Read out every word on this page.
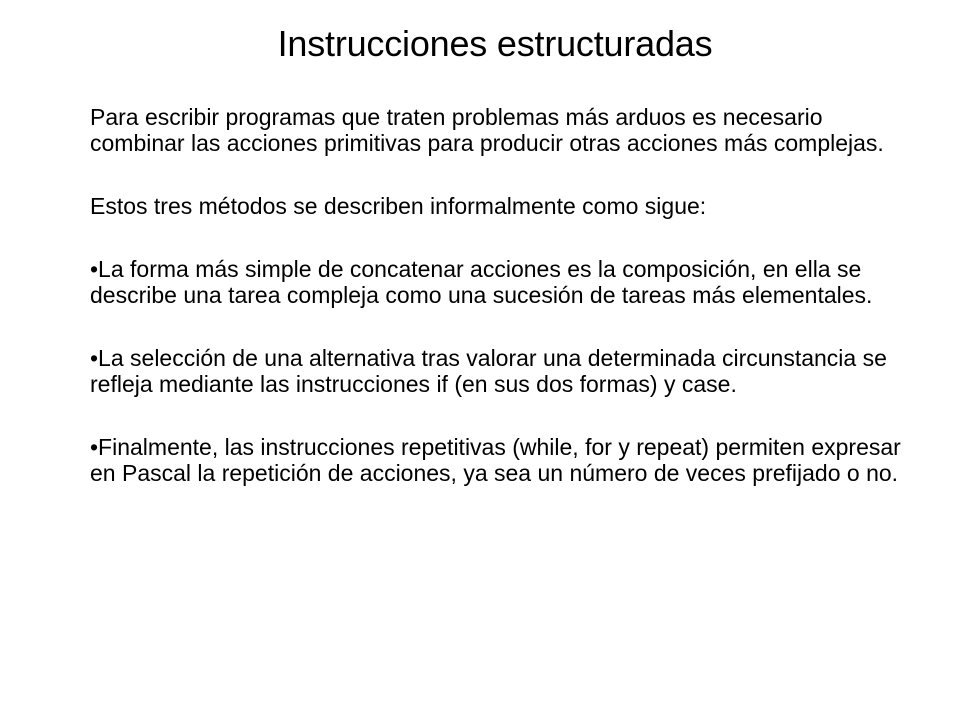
Instrucciones estructuradas

Para escribir programas que traten problemas más arduos es necesario combinar las acciones primitivas para producir otras acciones más complejas.

Estos tres métodos se describen informalmente como sigue:

•La forma más simple de concatenar acciones es la composición, en ella se describe una tarea compleja como una sucesión de tareas más elementales.

•La selección de una alternativa tras valorar una determinada circunstancia se refleja mediante las instrucciones if (en sus dos formas) y case.

•Finalmente, las instrucciones repetitivas (while, for y repeat) permiten expresar en Pascal la repetición de acciones, ya sea un número de veces prefijado o no.
